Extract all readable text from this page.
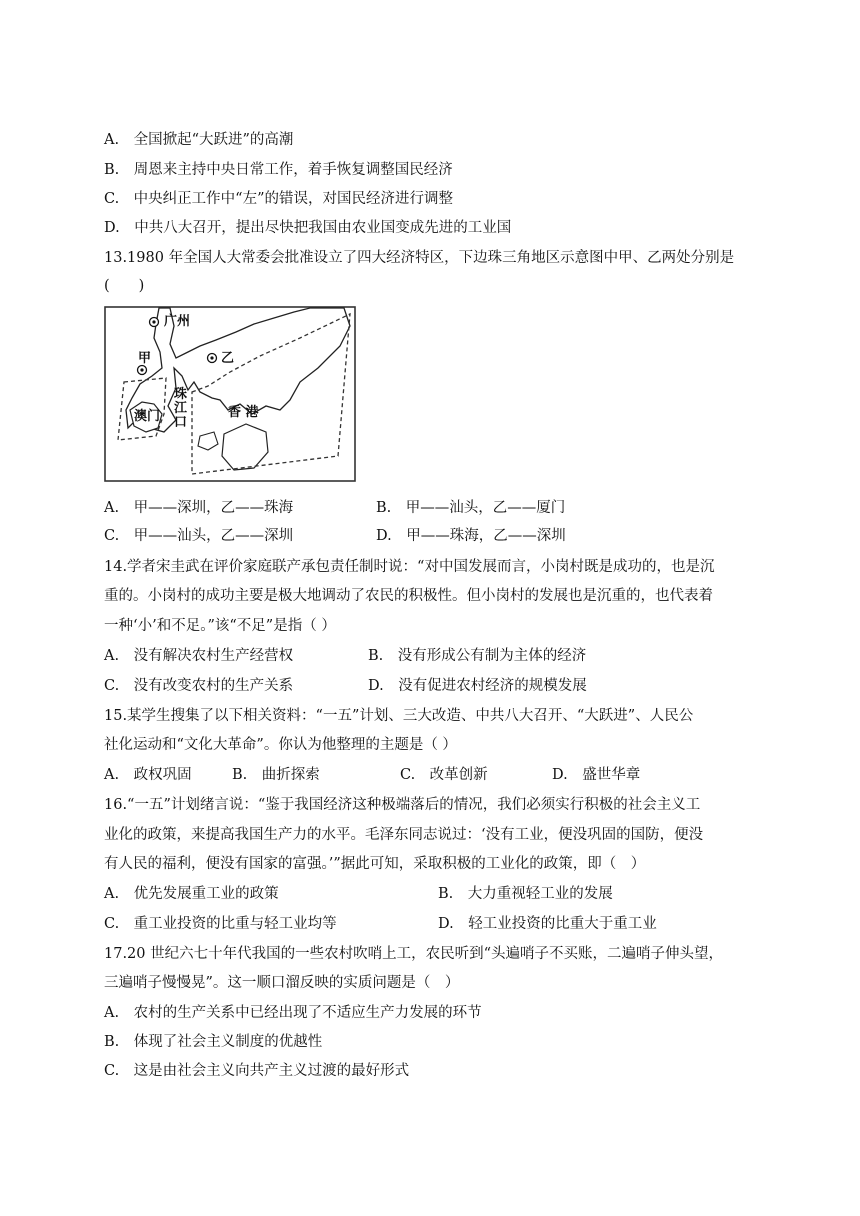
A.　全国掀起“大跃进”的高潮
B.　周恩来主持中央日常工作，着手恢复调整国民经济
C.　中央纠正工作中“左”的错误，对国民经济进行调整
D.　中共八大召开，提出尽快把我国由农业国变成先进的工业国
13.1980 年全国人大常委会批准设立了四大经济特区，下边珠三角地区示意图中甲、乙两处分别是
(　　)
广州
甲	乙
澳门
珠
江
口
香 港
A.　甲——深圳，乙——珠海	B.　甲——汕头，乙——厦门
C.　甲——汕头，乙——深圳	D.　甲——珠海，乙——深圳
14.学者宋圭武在评价家庭联产承包责任制时说：“对中国发展而言，小岗村既是成功的，也是沉
重的。小岗村的成功主要是极大地调动了农民的积极性。但小岗村的发展也是沉重的，也代表着
一种‘小’和不足。”该“不足”是指（ ）
A.　没有解决农村生产经营权	B.　没有形成公有制为主体的经济
C.　没有改变农村的生产关系	D.　没有促进农村经济的规模发展
15.某学生搜集了以下相关资料：“一五”计划、三大改造、中共八大召开、“大跃进”、人民公
社化运动和“文化大革命”。你认为他整理的主题是（ ）
A.　政权巩固	B.　曲折探索	C.　改革创新	D.　盛世华章
16.“一五”计划绪言说：“鉴于我国经济这种极端落后的情况，我们必须实行积极的社会主义工
业化的政策，来提高我国生产力的水平。毛泽东同志说过：‘没有工业，便没巩固的国防，便没
有人民的福利，便没有国家的富强。’”据此可知，采取积极的工业化的政策，即（　）
A.　优先发展重工业的政策	B.　大力重视轻工业的发展
C.　重工业投资的比重与轻工业均等	D.　轻工业投资的比重大于重工业
17.20 世纪六七十年代我国的一些农村吹哨上工，农民听到“头遍哨子不买账，二遍哨子伸头望，
三遍哨子慢慢晃”。这一顺口溜反映的实质问题是（　）
A.　农村的生产关系中已经出现了不适应生产力发展的环节
B.　体现了社会主义制度的优越性
C.　这是由社会主义向共产主义过渡的最好形式
